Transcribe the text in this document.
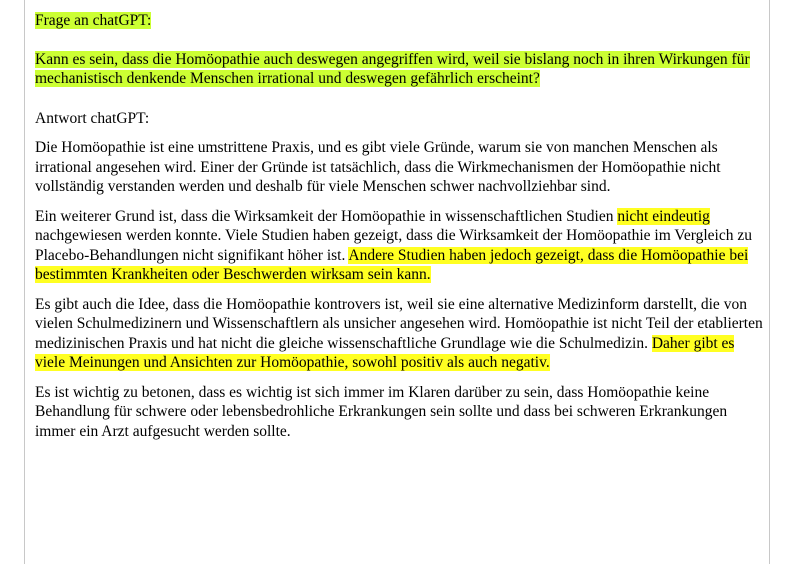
Frage an chatGPT:

Kann es sein, dass die Homöopathie auch deswegen angegriffen wird, weil sie bislang noch in ihren Wirkungen für mechanistisch denkende Menschen irrational und deswegen gefährlich erscheint?

Antwort chatGPT:

Die Homöopathie ist eine umstrittene Praxis, und es gibt viele Gründe, warum sie von manchen Menschen als irrational angesehen wird. Einer der Gründe ist tatsächlich, dass die Wirkmechanismen der Homöopathie nicht vollständig verstanden werden und deshalb für viele Menschen schwer nachvollziehbar sind.

Ein weiterer Grund ist, dass die Wirksamkeit der Homöopathie in wissenschaftlichen Studien nicht eindeutig nachgewiesen werden konnte. Viele Studien haben gezeigt, dass die Wirksamkeit der Homöopathie im Vergleich zu Placebo-Behandlungen nicht signifikant höher ist. Andere Studien haben jedoch gezeigt, dass die Homöopathie bei bestimmten Krankheiten oder Beschwerden wirksam sein kann.

Es gibt auch die Idee, dass die Homöopathie kontrovers ist, weil sie eine alternative Medizinform darstellt, die von vielen Schulmedizinern und Wissenschaftlern als unsicher angesehen wird. Homöopathie ist nicht Teil der etablierten medizinischen Praxis und hat nicht die gleiche wissenschaftliche Grundlage wie die Schulmedizin. Daher gibt es viele Meinungen und Ansichten zur Homöopathie, sowohl positiv als auch negativ.

Es ist wichtig zu betonen, dass es wichtig ist sich immer im Klaren darüber zu sein, dass Homöopathie keine Behandlung für schwere oder lebensbedrohliche Erkrankungen sein sollte und dass bei schweren Erkrankungen immer ein Arzt aufgesucht werden sollte.
